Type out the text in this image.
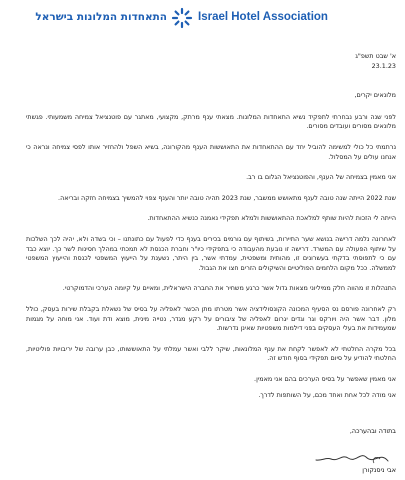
התאחדות המלונות בישראל	Israel Hotel Association
א' שבט תשפ"ג
23.1.23
מלונאים יקרים,

לפני שנה ורבע נבחרתי לתפקיד נשיא התאחדות המלונות. מצאתי ענף מרתק, מקצועי, מאתגר עם פוטנציאל צמיחה משמעותי. פגשתי מלונאים מסורים ועובדים מסורים.

נרתמתי כל כולי למשימה להוביל יחד עם ההתאחדות את התאוששות הענף מהקורונה, בשיא השפל ולהחזיר אותו לפסי צמיחה ונראה כי אנחנו עולים על המסלול.

אני מאמין בצמיחה של הענף, והפוטנציאל הגלום בו רב.

שנת 2022 הייתה שנה טובה לענף מתאושש ממשבר, שנת 2023 תהיה טובה יותר והענף צפוי להמשיך בצמיחה חזקה ובריאה.

הייתה לי הזכות להיות שותף למלאכת ההתאוששות ולמלא תפקידי נאמנה כנשיא ההתאחדות.

לאחרונה נלמה דרישה בנושא שער התיירות, בשיתוף עם גורמים בכירים בענף כדי לפעול עם כתונתנו – וכי בשדה ולא, יהיה לכך השלכות על שיתוף הפעולה עם המשרד. דרישה זו נובעת מהעבודה כי בתפקידי כיו"ר וחברת הכנסת לא תמכתי במהלך חסינות לשר כך. יוצא כבד עם כי לתפוסתי בדקתי בעשרונים זו, מהותית ומשפטית, עמדתי אשר, בין היתר, נשענת על הייעוץ המשפטי לכנסת והייעוץ המשפטי לממשלה. ככל מקום הלחמים הפוליטיים והשיקולים הזרים חצו את הגבול.

התנהלות זו מהווה חלק ממיליוני מצאות גדול אשר כרגע משחיר את החברה הישראלית, ומאיים על קיומה הערכי והדמוקרטי.

רק לאחרונה פורסם נס הסעיף המכונה הקונסולידציה אשר מטרתו מתן הכשר לאפליה על בסיס של נשאלת בקבלת שירות בעסק, כולל מלון. דבר אשר היה ויורקס וגר וגדים יגרום לאפליה של ציבורים על רקע מגדר, נטייה מינית, מוצא ודת ועוד. אני מוחה על מגמות שמעמידות את בעלי העסקים בפני דילמות משפטיות שאינן נדרשות.

בכל מקרה החלטתי לא לאפשר לקחת את ענף המלונאות, שיקר ללבי ואשר עמלתי על התאוששותו, כבן ערובה של יריבויות פוליטיות, החלטתי להודיע על סיום תפקידי בסוף חודש זה.

אני מאמין שאפשר על בסיס הערכים בהם אני מאמין.

אני מודה לכל אחת ואחד מכם, על השותפות לדרך.

בתודה ובהערכה,
אבי ניסנקורן
